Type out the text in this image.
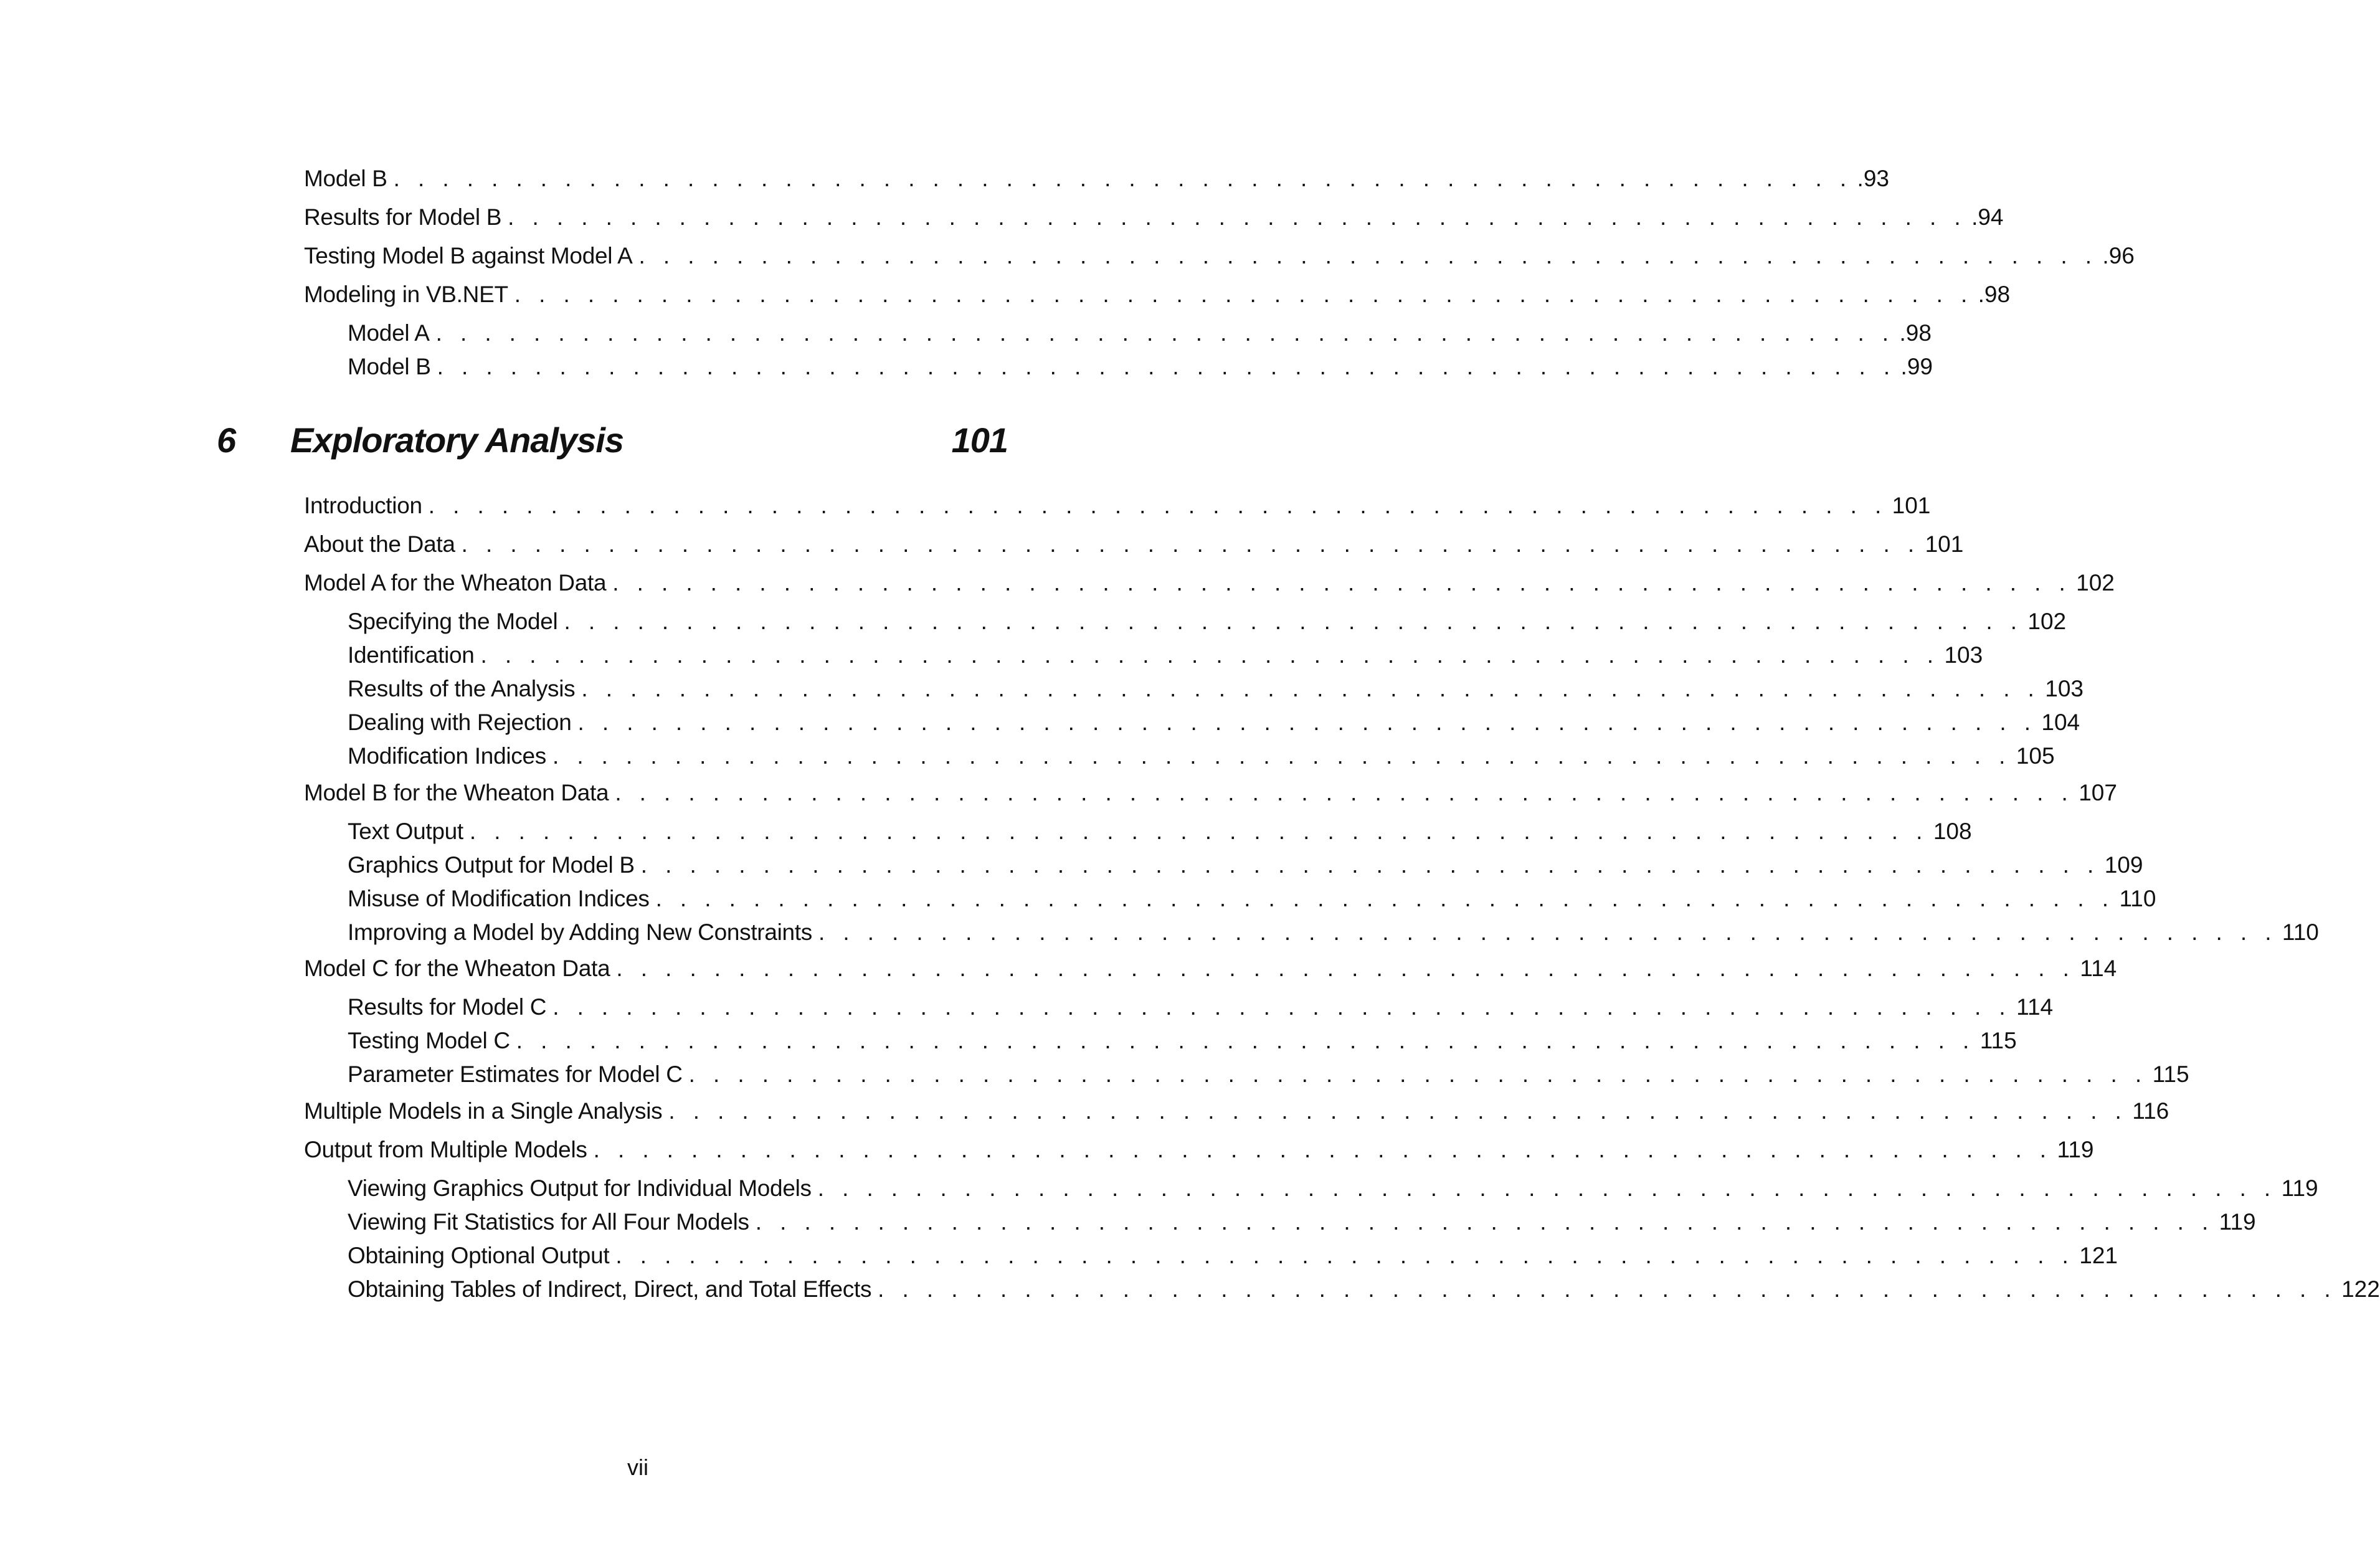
Model B . . . . . . . . . . . . . . . . . . . . . . . . . . . . . . . . . . . . . . . . . . . . . . . . . . . . . . . . . . . . .93
Results for Model B . . . . . . . . . . . . . . . . . . . . . . . . . . . . . . . . . . . . . . . . . . . . . . . . . . . . . . . . . . . . .94
Testing Model B against Model A . . . . . . . . . . . . . . . . . . . . . . . . . . . . . . . . . . . . . . . . . . . . . . . . . . . . . . . . . . . . .96
Modeling in VB.NET . . . . . . . . . . . . . . . . . . . . . . . . . . . . . . . . . . . . . . . . . . . . . . . . . . . . . . . . . . . . .98
Model A . . . . . . . . . . . . . . . . . . . . . . . . . . . . . . . . . . . . . . . . . . . . . . . . . . . . . . . . . . . . .98
Model B . . . . . . . . . . . . . . . . . . . . . . . . . . . . . . . . . . . . . . . . . . . . . . . . . . . . . . . . . . . . .99
6 Exploratory Analysis	101
Introduction . . . . . . . . . . . . . . . . . . . . . . . . . . . . . . . . . . . . . . . . . . . . . . . . . . . . . . . . . . . . 101
About the Data . . . . . . . . . . . . . . . . . . . . . . . . . . . . . . . . . . . . . . . . . . . . . . . . . . . . . . . . . . . . 101
Model A for the Wheaton Data . . . . . . . . . . . . . . . . . . . . . . . . . . . . . . . . . . . . . . . . . . . . . . . . . . . . . . . . . . . . 102
Specifying the Model . . . . . . . . . . . . . . . . . . . . . . . . . . . . . . . . . . . . . . . . . . . . . . . . . . . . . . . . . . . . 102
Identification . . . . . . . . . . . . . . . . . . . . . . . . . . . . . . . . . . . . . . . . . . . . . . . . . . . . . . . . . . . . 103
Results of the Analysis . . . . . . . . . . . . . . . . . . . . . . . . . . . . . . . . . . . . . . . . . . . . . . . . . . . . . . . . . . . . 103
Dealing with Rejection . . . . . . . . . . . . . . . . . . . . . . . . . . . . . . . . . . . . . . . . . . . . . . . . . . . . . . . . . . . . 104
Modification Indices . . . . . . . . . . . . . . . . . . . . . . . . . . . . . . . . . . . . . . . . . . . . . . . . . . . . . . . . . . . . 105
Model B for the Wheaton Data . . . . . . . . . . . . . . . . . . . . . . . . . . . . . . . . . . . . . . . . . . . . . . . . . . . . . . . . . . . . 107
Text Output . . . . . . . . . . . . . . . . . . . . . . . . . . . . . . . . . . . . . . . . . . . . . . . . . . . . . . . . . . . . 108
Graphics Output for Model B . . . . . . . . . . . . . . . . . . . . . . . . . . . . . . . . . . . . . . . . . . . . . . . . . . . . . . . . . . . . 109
Misuse of Modification Indices . . . . . . . . . . . . . . . . . . . . . . . . . . . . . . . . . . . . . . . . . . . . . . . . . . . . . . . . . . . . 110
Improving a Model by Adding New Constraints . . . . . . . . . . . . . . . . . . . . . . . . . . . . . . . . . . . . . . . . . . . . . . . . . . . . . . . . . . . . 110
Model C for the Wheaton Data . . . . . . . . . . . . . . . . . . . . . . . . . . . . . . . . . . . . . . . . . . . . . . . . . . . . . . . . . . . . 114
Results for Model C . . . . . . . . . . . . . . . . . . . . . . . . . . . . . . . . . . . . . . . . . . . . . . . . . . . . . . . . . . . . 114
Testing Model C . . . . . . . . . . . . . . . . . . . . . . . . . . . . . . . . . . . . . . . . . . . . . . . . . . . . . . . . . . . . 115
Parameter Estimates for Model C . . . . . . . . . . . . . . . . . . . . . . . . . . . . . . . . . . . . . . . . . . . . . . . . . . . . . . . . . . . . 115
Multiple Models in a Single Analysis . . . . . . . . . . . . . . . . . . . . . . . . . . . . . . . . . . . . . . . . . . . . . . . . . . . . . . . . . . . . 116
Output from Multiple Models . . . . . . . . . . . . . . . . . . . . . . . . . . . . . . . . . . . . . . . . . . . . . . . . . . . . . . . . . . . . 119
Viewing Graphics Output for Individual Models . . . . . . . . . . . . . . . . . . . . . . . . . . . . . . . . . . . . . . . . . . . . . . . . . . . . . . . . . . . . 119
Viewing Fit Statistics for All Four Models . . . . . . . . . . . . . . . . . . . . . . . . . . . . . . . . . . . . . . . . . . . . . . . . . . . . . . . . . . . . 119
Obtaining Optional Output . . . . . . . . . . . . . . . . . . . . . . . . . . . . . . . . . . . . . . . . . . . . . . . . . . . . . . . . . . . . 121
Obtaining Tables of Indirect, Direct, and Total Effects . . . . . . . . . . . . . . . . . . . . . . . . . . . . . . . . . . . . . . . . . . . . . . . . . . . . . . . . . . . . 122
vii
